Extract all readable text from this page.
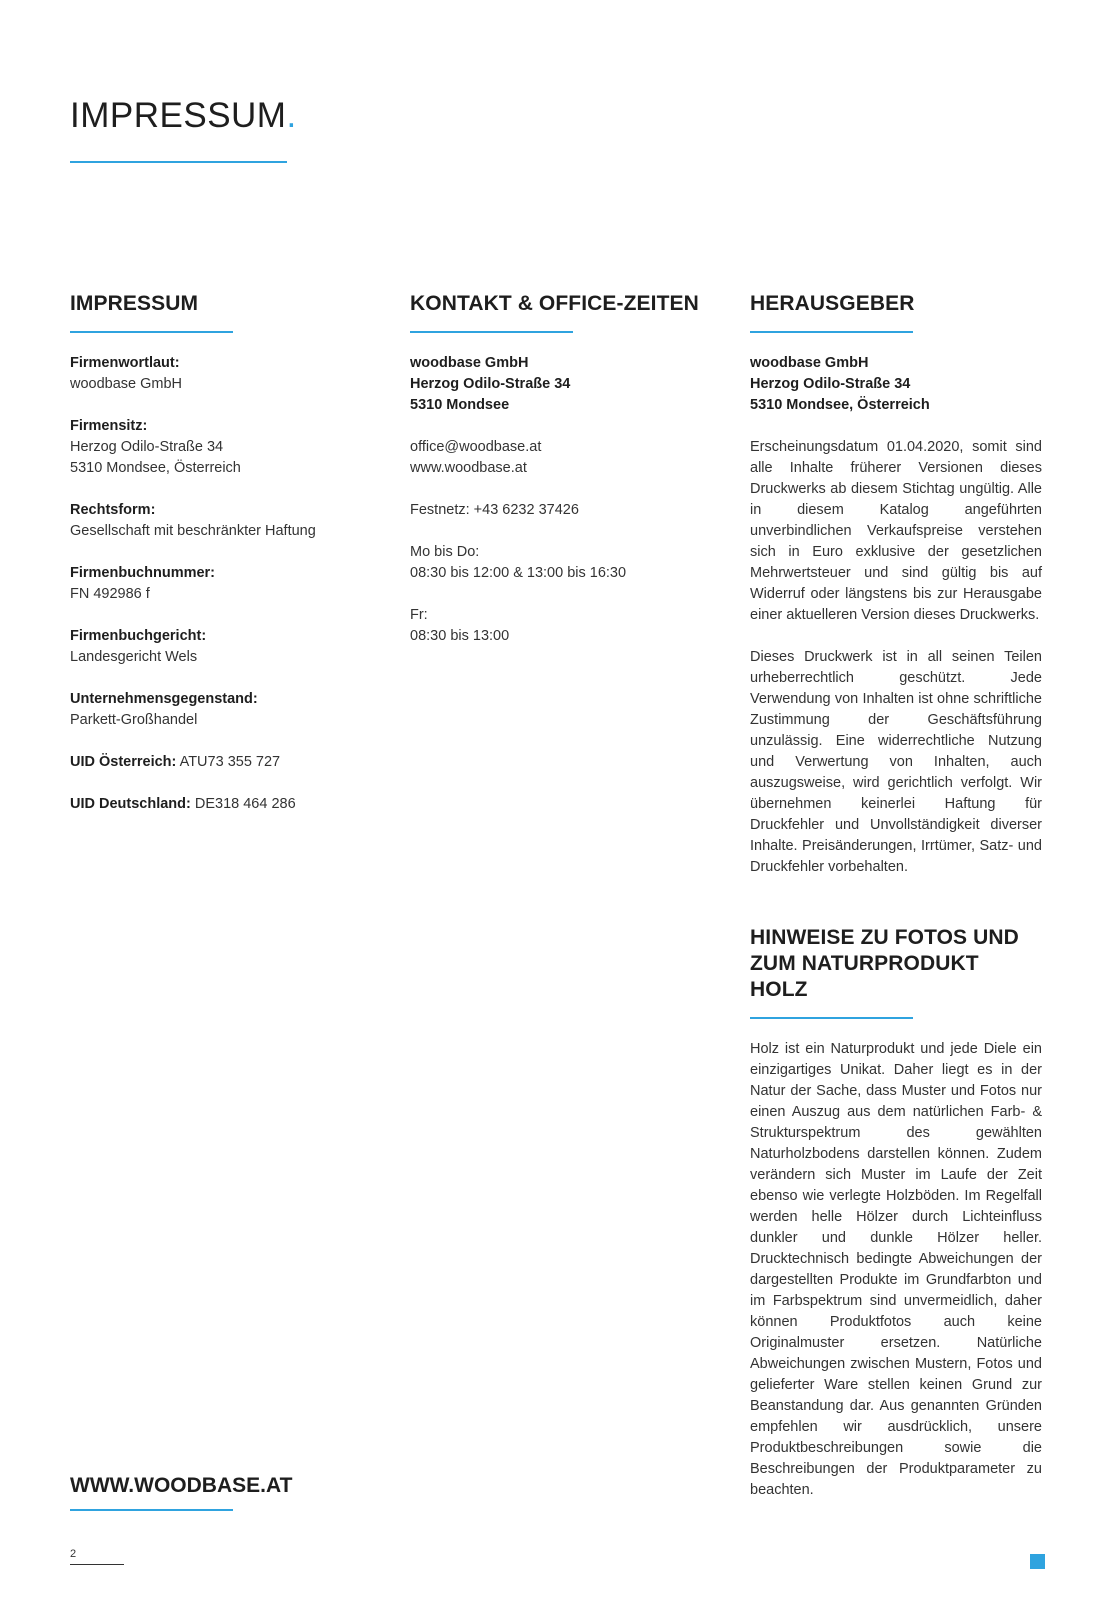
IMPRESSUM.
IMPRESSUM
Firmenwortlaut:
woodbase GmbH
Firmensitz:
Herzog Odilo-Straße 34
5310 Mondsee, Österreich
Rechtsform:
Gesellschaft mit beschränkter Haftung
Firmenbuchnummer:
FN 492986 f
Firmenbuchgericht:
Landesgericht Wels
Unternehmensgegenstand:
Parkett-Großhandel
UID Österreich: ATU73 355 727
UID Deutschland: DE318 464 286
KONTAKT & OFFICE-ZEITEN
woodbase GmbH
Herzog Odilo-Straße 34
5310 Mondsee
office@woodbase.at
www.woodbase.at
Festnetz: +43 6232 37426
Mo bis Do:
08:30 bis 12:00 & 13:00 bis 16:30
Fr:
08:30 bis 13:00
HERAUSGEBER
woodbase GmbH
Herzog Odilo-Straße 34
5310 Mondsee, Österreich
Erscheinungsdatum 01.04.2020, somit sind alle Inhalte früherer Versionen dieses Druckwerks ab diesem Stichtag ungültig. Alle in diesem Katalog angeführten unverbindlichen Verkaufspreise verstehen sich in Euro exklusive der gesetzlichen Mehrwertsteuer und sind gültig bis auf Widerruf oder längstens bis zur Herausgabe einer aktuelleren Version dieses Druckwerks.
Dieses Druckwerk ist in all seinen Teilen urheberrechtlich geschützt. Jede Verwendung von Inhalten ist ohne schriftliche Zustimmung der Geschäftsführung unzulässig. Eine widerrechtliche Nutzung und Verwertung von Inhalten, auch auszugsweise, wird gerichtlich verfolgt. Wir übernehmen keinerlei Haftung für Druckfehler und Unvollständigkeit diverser Inhalte. Preisänderungen, Irrtümer, Satz- und Druckfehler vorbehalten.
HINWEISE ZU FOTOS UND
ZUM NATURPRODUKT HOLZ
Holz ist ein Naturprodukt und jede Diele ein einzigartiges Unikat. Daher liegt es in der Natur der Sache, dass Muster und Fotos nur einen Auszug aus dem natürlichen Farb- & Strukturspektrum des gewählten Naturholzbodens darstellen können. Zudem verändern sich Muster im Laufe der Zeit ebenso wie verlegte Holzböden. Im Regelfall werden helle Hölzer durch Lichteinfluss dunkler und dunkle Hölzer heller. Drucktechnisch bedingte Abweichungen der dargestellten Produkte im Grundfarbton und im Farbspektrum sind unvermeidlich, daher können Produktfotos auch keine Originalmuster ersetzen. Natürliche Abweichungen zwischen Mustern, Fotos und gelieferter Ware stellen keinen Grund zur Beanstandung dar. Aus genannten Gründen empfehlen wir ausdrücklich, unsere Produktbeschreibungen sowie die Beschreibungen der Produktparameter zu beachten.
WWW.WOODBASE.AT
2
